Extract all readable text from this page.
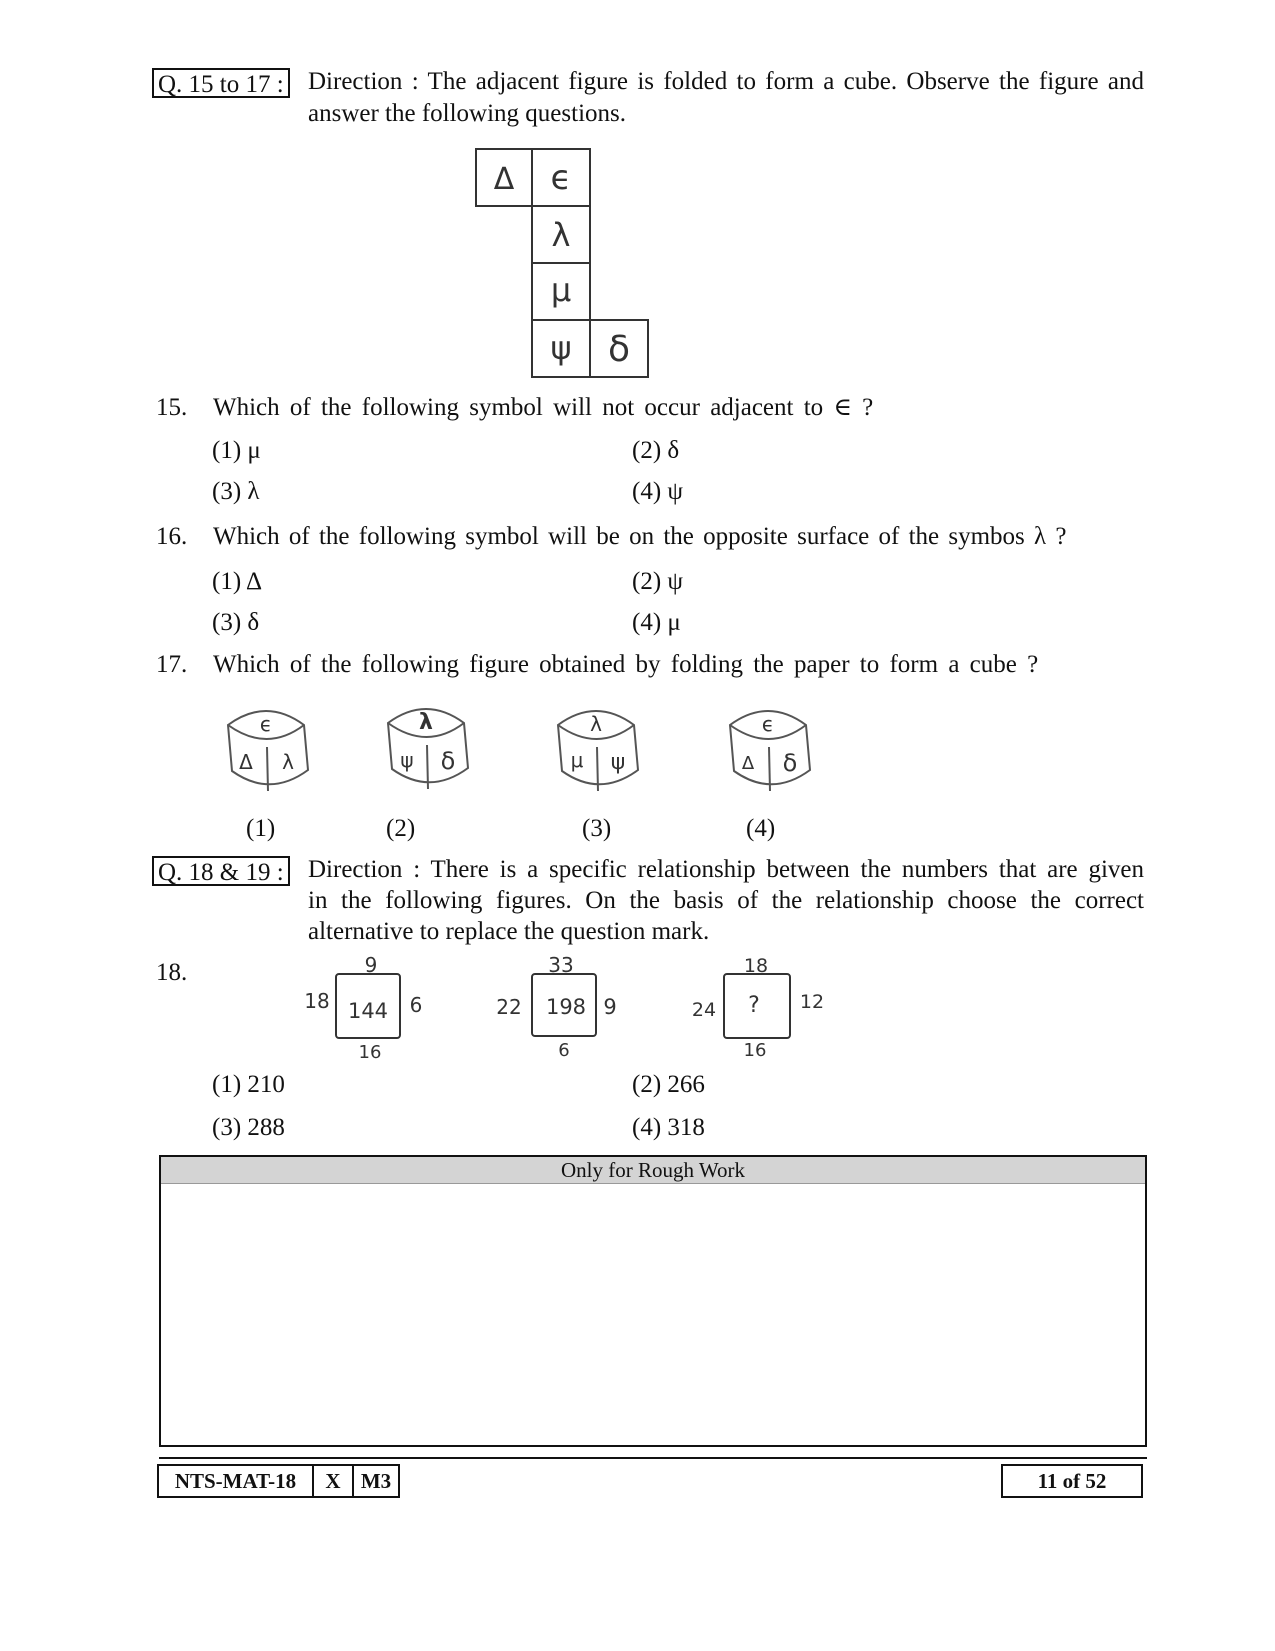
Q. 15 to 17 : Direction : The adjacent figure is folded to form a cube. Observe the figure and
answer the following questions.
Δ ϵ
λ
μ
ψ δ
15. Which of the following symbol will not occur adjacent to ∈ ?
(1) μ	(2) δ
(3) λ	(4) ψ
16. Which of the following symbol will be on the opposite surface of the symbos λ ?
(1) Δ	(2) ψ
(3) δ	(4) μ
17. Which of the following figure obtained by folding the paper to form a cube ?
ϵ
Δ λ
λ
ψ δ
λ
μ ψ
ϵ
Δ δ
(1)	(2)	(3)	(4)
Q. 18 & 19 : Direction : There is a specific relationship between the numbers that are given
in the following figures. On the basis of the relationship choose the correct
alternative to replace the question mark.
18.	9
18 144 6
16
33
22 198 9
6
18
24 ? 12
16
(1) 210	(2) 266
(3) 288	(4) 318
Only for Rough Work
NTS-MAT-18	X M3	11 of 52
